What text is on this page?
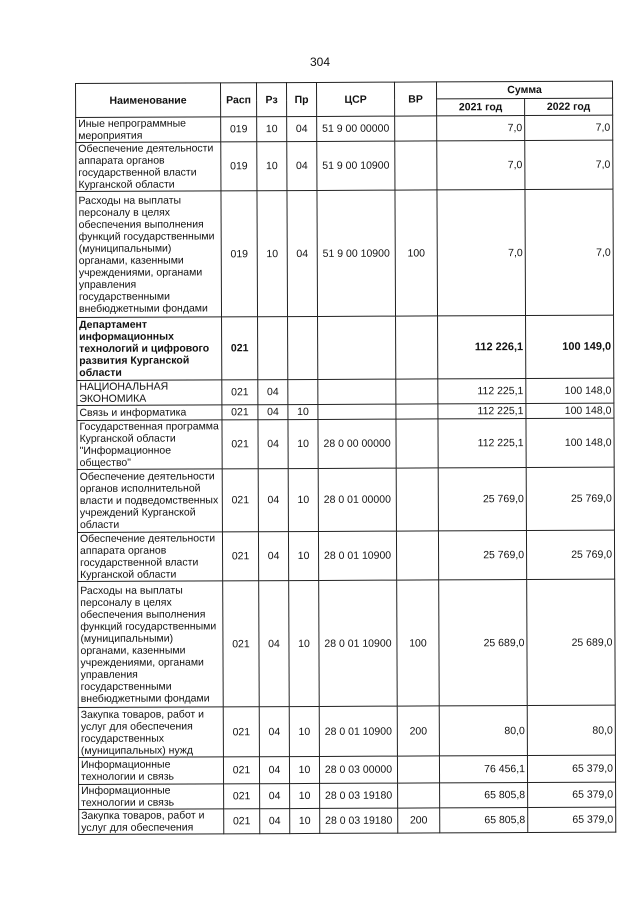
304
Наименование	Расп	Рз	Пр	ЦСР	ВР	Сумма	
						2021 год	2022 год
Иные непрограммные мероприятия	019	10	04	51 9 00 00000		7,0	7,0
Обеспечение деятельности аппарата органов государственной власти Курганской области	019	10	04	51 9 00 10900		7,0	7,0
Расходы на выплаты персоналу в целях обеспечения выполнения функций государственными (муниципальными) органами, казенными учреждениями, органами управления государственными внебюджетными фондами	019	10	04	51 9 00 10900	100	7,0	7,0
Департамент информационных технологий и цифрового развития Курганской области	021					112 226,1	100 149,0
НАЦИОНАЛЬНАЯ ЭКОНОМИКА	021	04				112 225,1	100 148,0
Связь и информатика	021	04	10			112 225,1	100 148,0
Государственная программа Курганской области "Информационное общество"	021	04	10	28 0 00 00000		112 225,1	100 148,0
Обеспечение деятельности органов исполнительной власти и подведомственных учреждений Курганской области	021	04	10	28 0 01 00000		25 769,0	25 769,0
Обеспечение деятельности аппарата органов государственной власти Курганской области	021	04	10	28 0 01 10900		25 769,0	25 769,0
Расходы на выплаты персоналу в целях обеспечения выполнения функций государственными (муниципальными) органами, казенными учреждениями, органами управления государственными внебюджетными фондами	021	04	10	28 0 01 10900	100	25 689,0	25 689,0
Закупка товаров, работ и услуг для обеспечения государственных (муниципальных) нужд	021	04	10	28 0 01 10900	200	80,0	80,0
Информационные технологии и связь	021	04	10	28 0 03 00000		76 456,1	65 379,0
Информационные технологии и связь	021	04	10	28 0 03 19180		65 805,8	65 379,0
Закупка товаров, работ и услуг для обеспечения	021	04	10	28 0 03 19180	200	65 805,8	65 379,0
